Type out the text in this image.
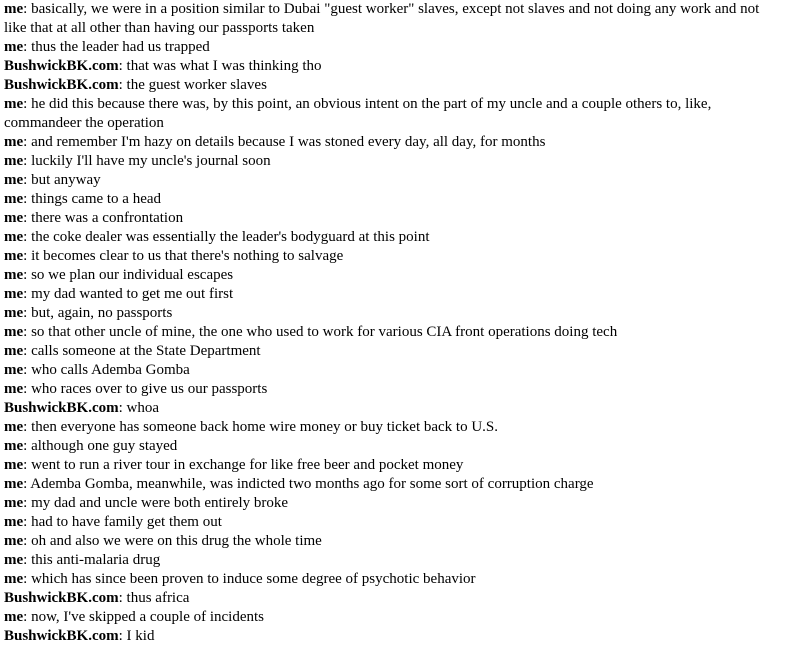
me: basically, we were in a position similar to Dubai "guest worker" slaves, except not slaves and not doing any work and not like that at all other than having our passports taken
me: thus the leader had us trapped
BushwickBK.com: that was what I was thinking tho
BushwickBK.com: the guest worker slaves
me: he did this because there was, by this point, an obvious intent on the part of my uncle and a couple others to, like, commandeer the operation
me: and remember I'm hazy on details because I was stoned every day, all day, for months
me: luckily I'll have my uncle's journal soon
me: but anyway
me: things came to a head
me: there was a confrontation
me: the coke dealer was essentially the leader's bodyguard at this point
me: it becomes clear to us that there's nothing to salvage
me: so we plan our individual escapes
me: my dad wanted to get me out first
me: but, again, no passports
me: so that other uncle of mine, the one who used to work for various CIA front operations doing tech
me: calls someone at the State Department
me: who calls Ademba Gomba
me: who races over to give us our passports
BushwickBK.com: whoa
me: then everyone has someone back home wire money or buy ticket back to U.S.
me: although one guy stayed
me: went to run a river tour in exchange for like free beer and pocket money
me: Ademba Gomba, meanwhile, was indicted two months ago for some sort of corruption charge
me: my dad and uncle were both entirely broke
me: had to have family get them out
me: oh and also we were on this drug the whole time
me: this anti-malaria drug
me: which has since been proven to induce some degree of psychotic behavior
BushwickBK.com: thus africa
me: now, I've skipped a couple of incidents
BushwickBK.com: I kid
